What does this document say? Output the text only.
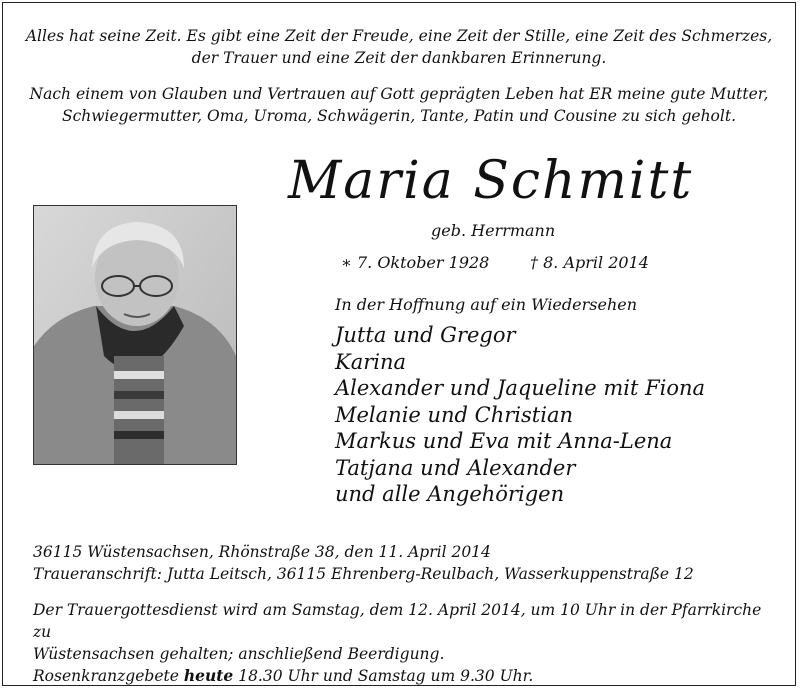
Alles hat seine Zeit. Es gibt eine Zeit der Freude, eine Zeit der Stille, eine Zeit des Schmerzes,
der Trauer und eine Zeit der dankbaren Erinnerung.
Nach einem von Glauben und Vertrauen auf Gott geprägten Leben hat ER meine gute Mutter,
Schwiegermutter, Oma, Uroma, Schwägerin, Tante, Patin und Cousine zu sich geholt.
Maria Schmitt
geb. Herrmann
∗ 7. Oktober 1928	† 8. April 2014
In der Hoffnung auf ein Wiedersehen
Jutta und Gregor
Karina
Alexander und Jaqueline mit Fiona
Melanie und Christian
Markus und Eva mit Anna-Lena
Tatjana und Alexander
und alle Angehörigen
36115 Wüstensachsen, Rhönstraße 38, den 11. April 2014
Traueranschrift: Jutta Leitsch, 36115 Ehrenberg-Reulbach, Wasserkuppenstraße 12
Der Trauergottesdienst wird am Samstag, dem 12. April 2014, um 10 Uhr in der Pfarrkirche zu
Wüstensachsen gehalten; anschließend Beerdigung.
Rosenkranzgebete heute 18.30 Uhr und Samstag um 9.30 Uhr.
